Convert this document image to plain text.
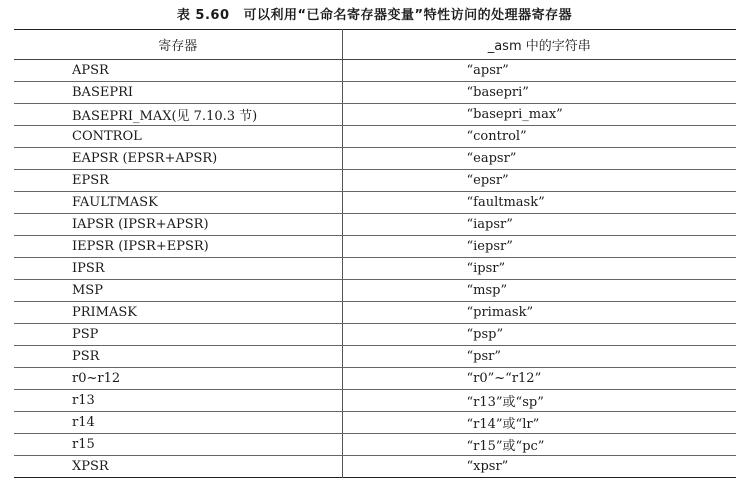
表 5.60 可以利用“已命名寄存器变量”特性访问的处理器寄存器
寄存器	_asm 中的字符串
APSR	“apsr”
BASEPRI	“basepri”
BASEPRI_MAX(见 7.10.3 节)	“basepri_max”
CONTROL	“control”
EAPSR (EPSR+APSR)	“eapsr”
EPSR	“epsr”
FAULTMASK	“faultmask”
IAPSR (IPSR+APSR)	“iapsr”
IEPSR (IPSR+EPSR)	“iepsr”
IPSR	“ipsr”
MSP	“msp”
PRIMASK	“primask”
PSP	“psp”
PSR	“psr”
r0~r12	“r0”~“r12”
r13	“r13”或“sp”
r14	“r14”或“lr”
r15	“r15”或“pc”
XPSR	“xpsr”
